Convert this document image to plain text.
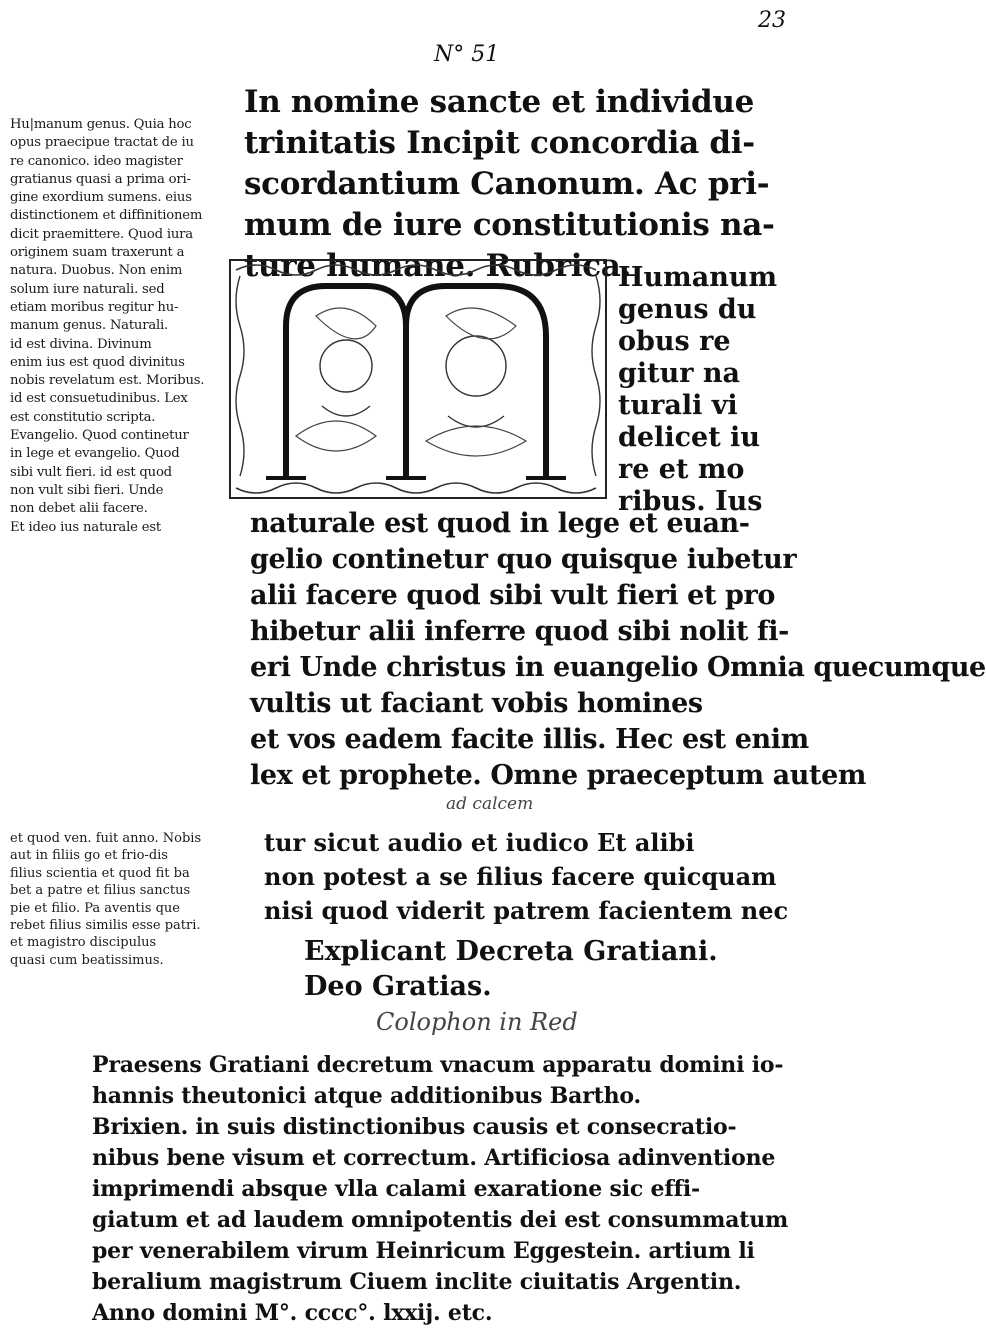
23
N° 51
Hu|manum genus. Quia hoc
opus praecipue tractat de iu
re canonico. ideo magister
gratianus quasi a prima ori-
gine exordium sumens. eius
distinctionem et diffinitionem
dicit praemittere. Quod iura
originem suam traxerunt a
natura. Duobus. Non enim
solum iure naturali. sed
etiam moribus regitur hu-
manum genus. Naturali.
id est divina. Divinum
enim ius est quod divinitus
nobis revelatum est. Moribus.
id est consuetudinibus. Lex
est constitutio scripta.
Evangelio. Quod continetur
in lege et evangelio. Quod
sibi vult fieri. id est quod
non vult sibi fieri. Unde
non debet alii facere.
Et ideo ius naturale est
In nomine sancte et individue
trinitatis Incipit concordia di-
scordantium Canonum. Ac pri-
mum de iure constitutionis na-
ture humane. Rubrica.
Humanum
genus du
obus re
gitur na
turali vi
delicet iu
re et mo
ribus. Ius
naturale est quod in lege et euan-
gelio continetur quo quisque iubetur
alii facere quod sibi vult fieri et pro
hibetur alii inferre quod sibi nolit fi-
eri Unde christus in euangelio Omnia quecumque
vultis ut faciant vobis homines
et vos eadem facite illis. Hec est enim
lex et prophete. Omne praeceptum autem
ad calcem
et quod ven. fuit anno. Nobis
aut in filiis go et frio-dis
filius scientia et quod fit ba
bet a patre et filius sanctus
pie et filio. Pa aventis que
rebet filius similis esse patri.
et magistro discipulus
quasi cum beatissimus.
tur sicut audio et iudico Et alibi
non potest a se filius facere quicquam
nisi quod viderit patrem facientem nec
Explicant Decreta Gratiani.
Deo Gratias.
Colophon in Red
Praesens Gratiani decretum vnacum apparatu domini io-
hannis theutonici atque additionibus Bartho.
Brixien. in suis distinctionibus causis et consecratio-
nibus bene visum et correctum. Artificiosa adinventione
imprimendi absque vlla calami exaratione sic effi-
giatum et ad laudem omnipotentis dei est consummatum
per venerabilem virum Heinricum Eggestein. artium li
beralium magistrum Ciuem inclite ciuitatis Argentin.
Anno domini M°. cccc°. lxxij. etc.
